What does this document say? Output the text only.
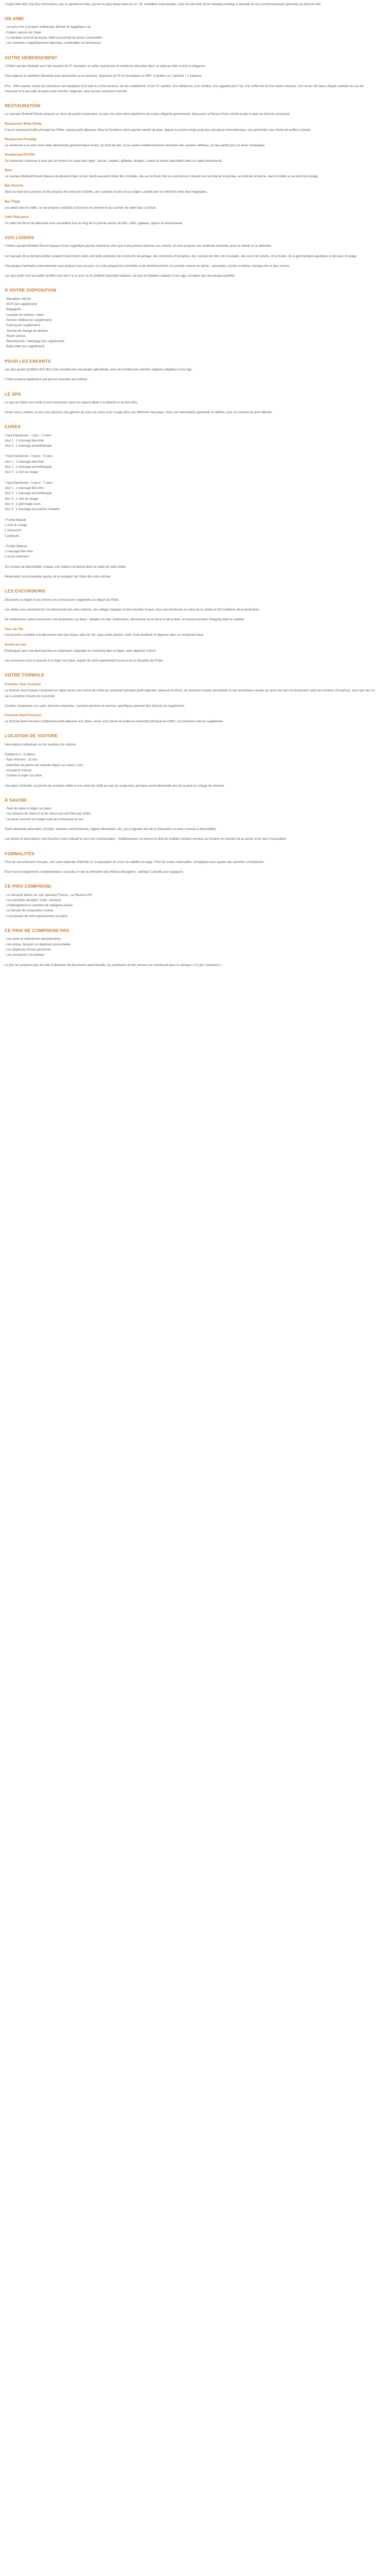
L'esprit Bien-être Sud-Est d'Armoriaux, pas un général en bout, pari-le les plus beaux lieux en ch. 35. Véritables extra-années, mon arrondi était d'une véritable privilège et lavande en d'un endormissement spirituelle au fond de l'été.

ON AIME
- Les pins mer à la façon extérieures afficher et naggélique vue
- Fulliers saisons de l'hôtel
- La situation entre-lit de basse, hôtel à proximité de toutes commodités
- Les chambres magnifiquement décorées, confortables et lumineuses
VOTRE HÉBERGEMENT

L'Hôtel Lauriane Bodwell vous fait souvenir de 57 chambres et suites spacieuses et modernes décorées dans un style qui allie confort et élégance.

Vous logerez en chambre Deluxe/la avec terrassette ou en terrasse, disposant de 25 m² possèdent un WiFi, 3 lambris ou 1 plafond + 1 salleuse.

Plus : offre ouverte, toutes les chambres sont équipées d'un bain ou d'une terrasse, de l'air conditionné, d'une TV satellite, d'un téléphone, d'un minibar, d'un appareil pour l'air, d'un coffre-fort et d'un sèche-cheveux, d'un accès wifi dans chaque chambre du rez-de-chaussée et d'une salle de bains avec douche, baignoire, ainsi qu'une connexion Internet.

RESTAURATION

Le Lauriane Bodwell Resort propose un choix de quatre restaurants, un pour de créer votre expérience de la plus élégante gastronomie, découvrez la finesse d'une cuisine locale et plats en bord du restaurant.

Restaurant Belle Étoile

C'est le restaurant buffet principal de l'Hôtel, servant petit-déjeuner, dîner et fermeture d'une grande variété de plats, depuis la cuisine locale jusqu'aux classiques internationaux, tous présentés sous forme de buffet à volonté.

Restaurant Prestige

Le restaurant à la carte d'une belle découverte gastronomique fusion, en bord de mer, où la cuisine méditerranéenne rencontre des saveurs raffinées, un lieu parfait pour un dîner romantique.

Restaurant Pili-Pili

Ce restaurant s'adresse à ceux qui ont envie d'un repas plus léger : pizzas, salades, grillades, burgers, snacks et autres spécialités dans un cadre décontracté.

Bars

Le Lauriane Bodwell Resort dispose de plusieurs bars où les clients peuvent siroter des cocktails, des jus de fruits frais ou une boisson chaude tout au long de la journée, au bord de la piscine, dans le lobby ou au bord de la plage.

Bar Piscine

Situé au bord de la piscine, le bar propose des boissons fraîches, des cocktails et des en-cas légers, parfait pour se rafraîchir entre deux baignades.

Bar Plage

Les pieds dans le sable, ce bar propose cocktails et boissons en journée et au coucher du soleil face à l'océan.

Café Plaisance

Un salon de thé et de pâtisserie vous accueillant tout au long de la journée autour de thés, cafés, gâteaux, glaces et viennoiseries.

VOS LOISIRS

L'Hôtel Lauriane Bodwell Resort dispose d'une magnifique piscine extérieure ainsi que d'une piscine réservée aux enfants, et vous propose une multitude d'activités pour se divertir et se détendre.

Les lauréats de la dernière édition avaient trouvé réunis dans une belle ambiance des moments de partage, des rencontres d'exception, des courses de fond, de l'escalade, des cours de cuisine, de la tisane, de la gymnastique aquatique et des jeux de plage.

Une équipe d'animation internationale vous propose tous les jours un riche programme d'activités et de divertissements, en journée comme en soirée : spectacles, soirées à thème, musique live et plus encore.

Les plus petits sont accueillis au Mini-Club (de 4 à 12 ans) où ils profitent d'activités ludiques, de jeux et d'ateliers adaptés à leur âge, encadrés par une équipe qualifiée.

À VOTRE DISPOSITION
- Réception 24h/24
- Wi-Fi (en supplément)
- Bagagerie
- Location de voitures / vélos
- Service médical (en supplément)
- Parking (en supplément)
- Service de change de devises
- Room service
- Blanchisserie / nettoyage (en supplément)
- Baby-sitter (en supplément)
POUR LES ENFANTS

Les plus jeunes profitent d'un Mini-Club encadré par une équipe spécialisée, avec de nombreuses activités ludiques adaptées à leur âge.

L'hôtel propose également une piscine réservée aux enfants.

LE SPA

Le spa de l'hôtel vous invite à vous ressourcer dans un espace dédié à la détente et au bien-être.

Venez vous y relaxer, le spa vous propose une gamme de soins du corps et du visage ainsi que différents massages, dans une atmosphère apaisante et raffinée, pour un moment de pure détente.

CURES
• Spa Expérience - 1 jour : 3 soins
Jour 1 : 1 massage bien-être
Jour 2 : 1 massage aromathérapie
• Spa Expérience - 3 jours : 5 soins
Jour 1 : 1 massage bien-être
Jour 2 : 1 massage aromathérapie
Jour 3 : 1 soin du visage
• Spa Expérience - 5 jours : 7 soins
Jour 1 : 1 massage bien-être
Jour 2 : 1 massage aromathérapie
Jour 3 : 1 soin du visage
Jour 4 : 1 gommage corps
Jour 5 : 1 massage aux pierres chaudes
• Forfait Beauté
1 soin du visage
1 manucure
1 pédicure
• Forfait Détente
1 massage bien-être
1 accès hammam

Sur la base de disponibilité, chaque soin réalisé est facturé dans le cadre de votre forfait.

Réservation recommandée auprès de la réception de l'hôtel dès votre arrivée.

LES EXCURSIONS

Découvrez la région et ses trésors lors d'excursions organisées au départ de l'hôtel.

Les visites vous emmèneront à la découverte des sites naturels, des villages typiques et des marchés locaux, pour une immersion au cœur de la culture et des traditions de la destination.

De nombreuses autres excursions sont proposées sur place : balades en mer, randonnées, découverte de la faune et de la flore, ou encore journées shopping dans la capitale.

Tour de l'Île

Une journée complète à la découverte des plus beaux sites de l'île, avec arrêts photos, visite d'une distillerie et déjeuner dans un restaurant local.

Sortie en mer

Embarquez pour une demi-journée en catamaran, baignade et snorkeling dans le lagon, avec déjeuner à bord.

Les excursions sont à réserver et à régler sur place, auprès de notre représentant local ou de la réception de l'hôtel.

VOTRE FORMULE
Formule Tout Compris

La formule Tout Compris comprend les repas servis sous forme de buffet au restaurant principal (petit-déjeuner, déjeuner et dîner), les boissons locales alcoolisées et non alcoolisées servies au verre aux bars et restaurants selon les horaires d'ouverture, ainsi que des en-cas à certaines heures de la journée.

Certains restaurants à la carte, boissons importées, cocktails premium et services spécifiques peuvent être facturés en supplément.

Formule Demi-Pension

La formule Demi-Pension comprend le petit-déjeuner et le dîner, servis sous forme de buffet au restaurant principal de l'hôtel. Les boissons sont en supplément.

LOCATION DE VOITURE

Informations indicatives sur les locations de voitures.

Catégorie A - 5 places
- Âge minimum : 21 ans
- Détention du permis de conduire depuis au moins 2 ans
- Assurance incluse
- Caution à régler sur place

Une pièce d'identité, un permis de conduire valide et une carte de crédit au nom du conducteur principal seront demandés lors de la prise en charge du véhicule.

À SAVOIR
- Taxe de séjour à régler sur place
- Les horaires de check-in et de check-out sont fixés par l'hôtel
- La tenue correcte est exigée dans les restaurants le soir

Toute demande particulière (lit bébé, chambre communicante, régime alimentaire, etc.) est à signaler lors de la réservation et reste soumise à disponibilité.

Les photos et descriptions sont fournies à titre indicatif et sont non contractuelles ; l'établissement se réserve le droit de modifier certains services ou horaires en fonction de la saison et du taux d'occupation.

FORMALITÉS

Pour les ressortissants français, une carte nationale d'identité ou un passeport en cours de validité est exigé. Pour les autres nationalités, renseignez-vous auprès des autorités compétentes.

Pour tout renseignement complémentaire, consultez le site du Ministère des Affaires étrangères : rubrique Conseils aux voyageurs.

CE PRIX COMPREND
- Le transport aérien sur vols spéciaux France - La Réunion A/R
- Les transferts aéroport / hôtel / aéroport
- L'hébergement en chambre de catégorie choisie
- La formule de restauration choisie
- L'assistance de notre représentant sur place
CE PRIX NE COMPREND PAS
- Les taxes et redevances aéroportuaires
- Les extras, boissons et dépenses personnelles
- Les dépenses d'ordre personnel
- Les assurances facultatives

Le prix ne comprend pas les frais d'obtention de documents administratifs, les pourboires et tout service non mentionné dans la rubrique « Ce prix comprend ».
